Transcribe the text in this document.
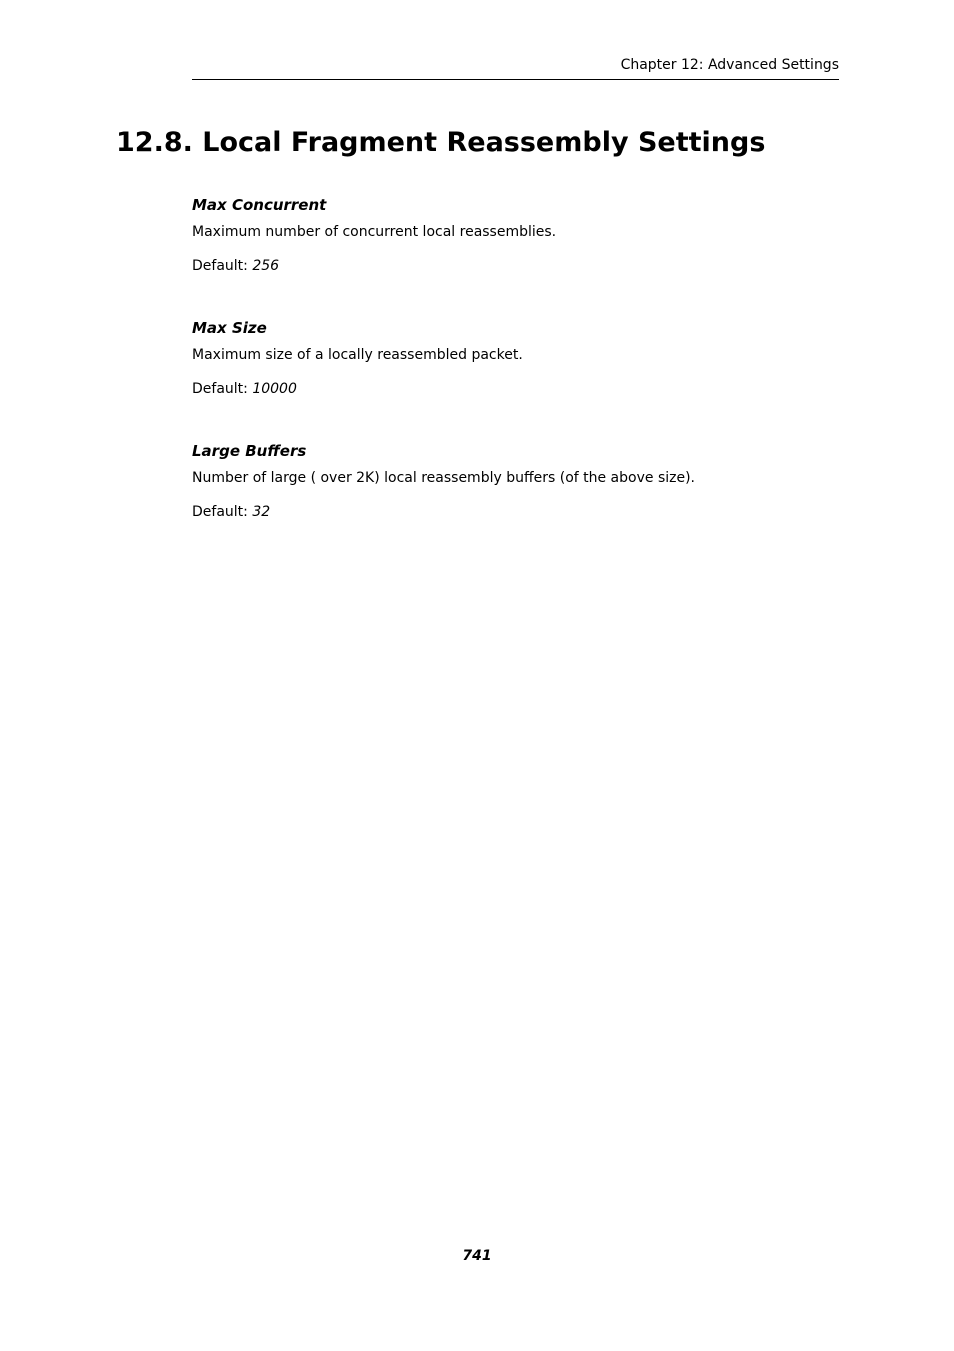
Chapter 12: Advanced Settings
12.8. Local Fragment Reassembly Settings
Max Concurrent

Maximum number of concurrent local reassemblies.

Default: 256

Max Size

Maximum size of a locally reassembled packet.

Default: 10000

Large Buffers

Number of large ( over 2K) local reassembly buffers (of the above size).

Default: 32

741
